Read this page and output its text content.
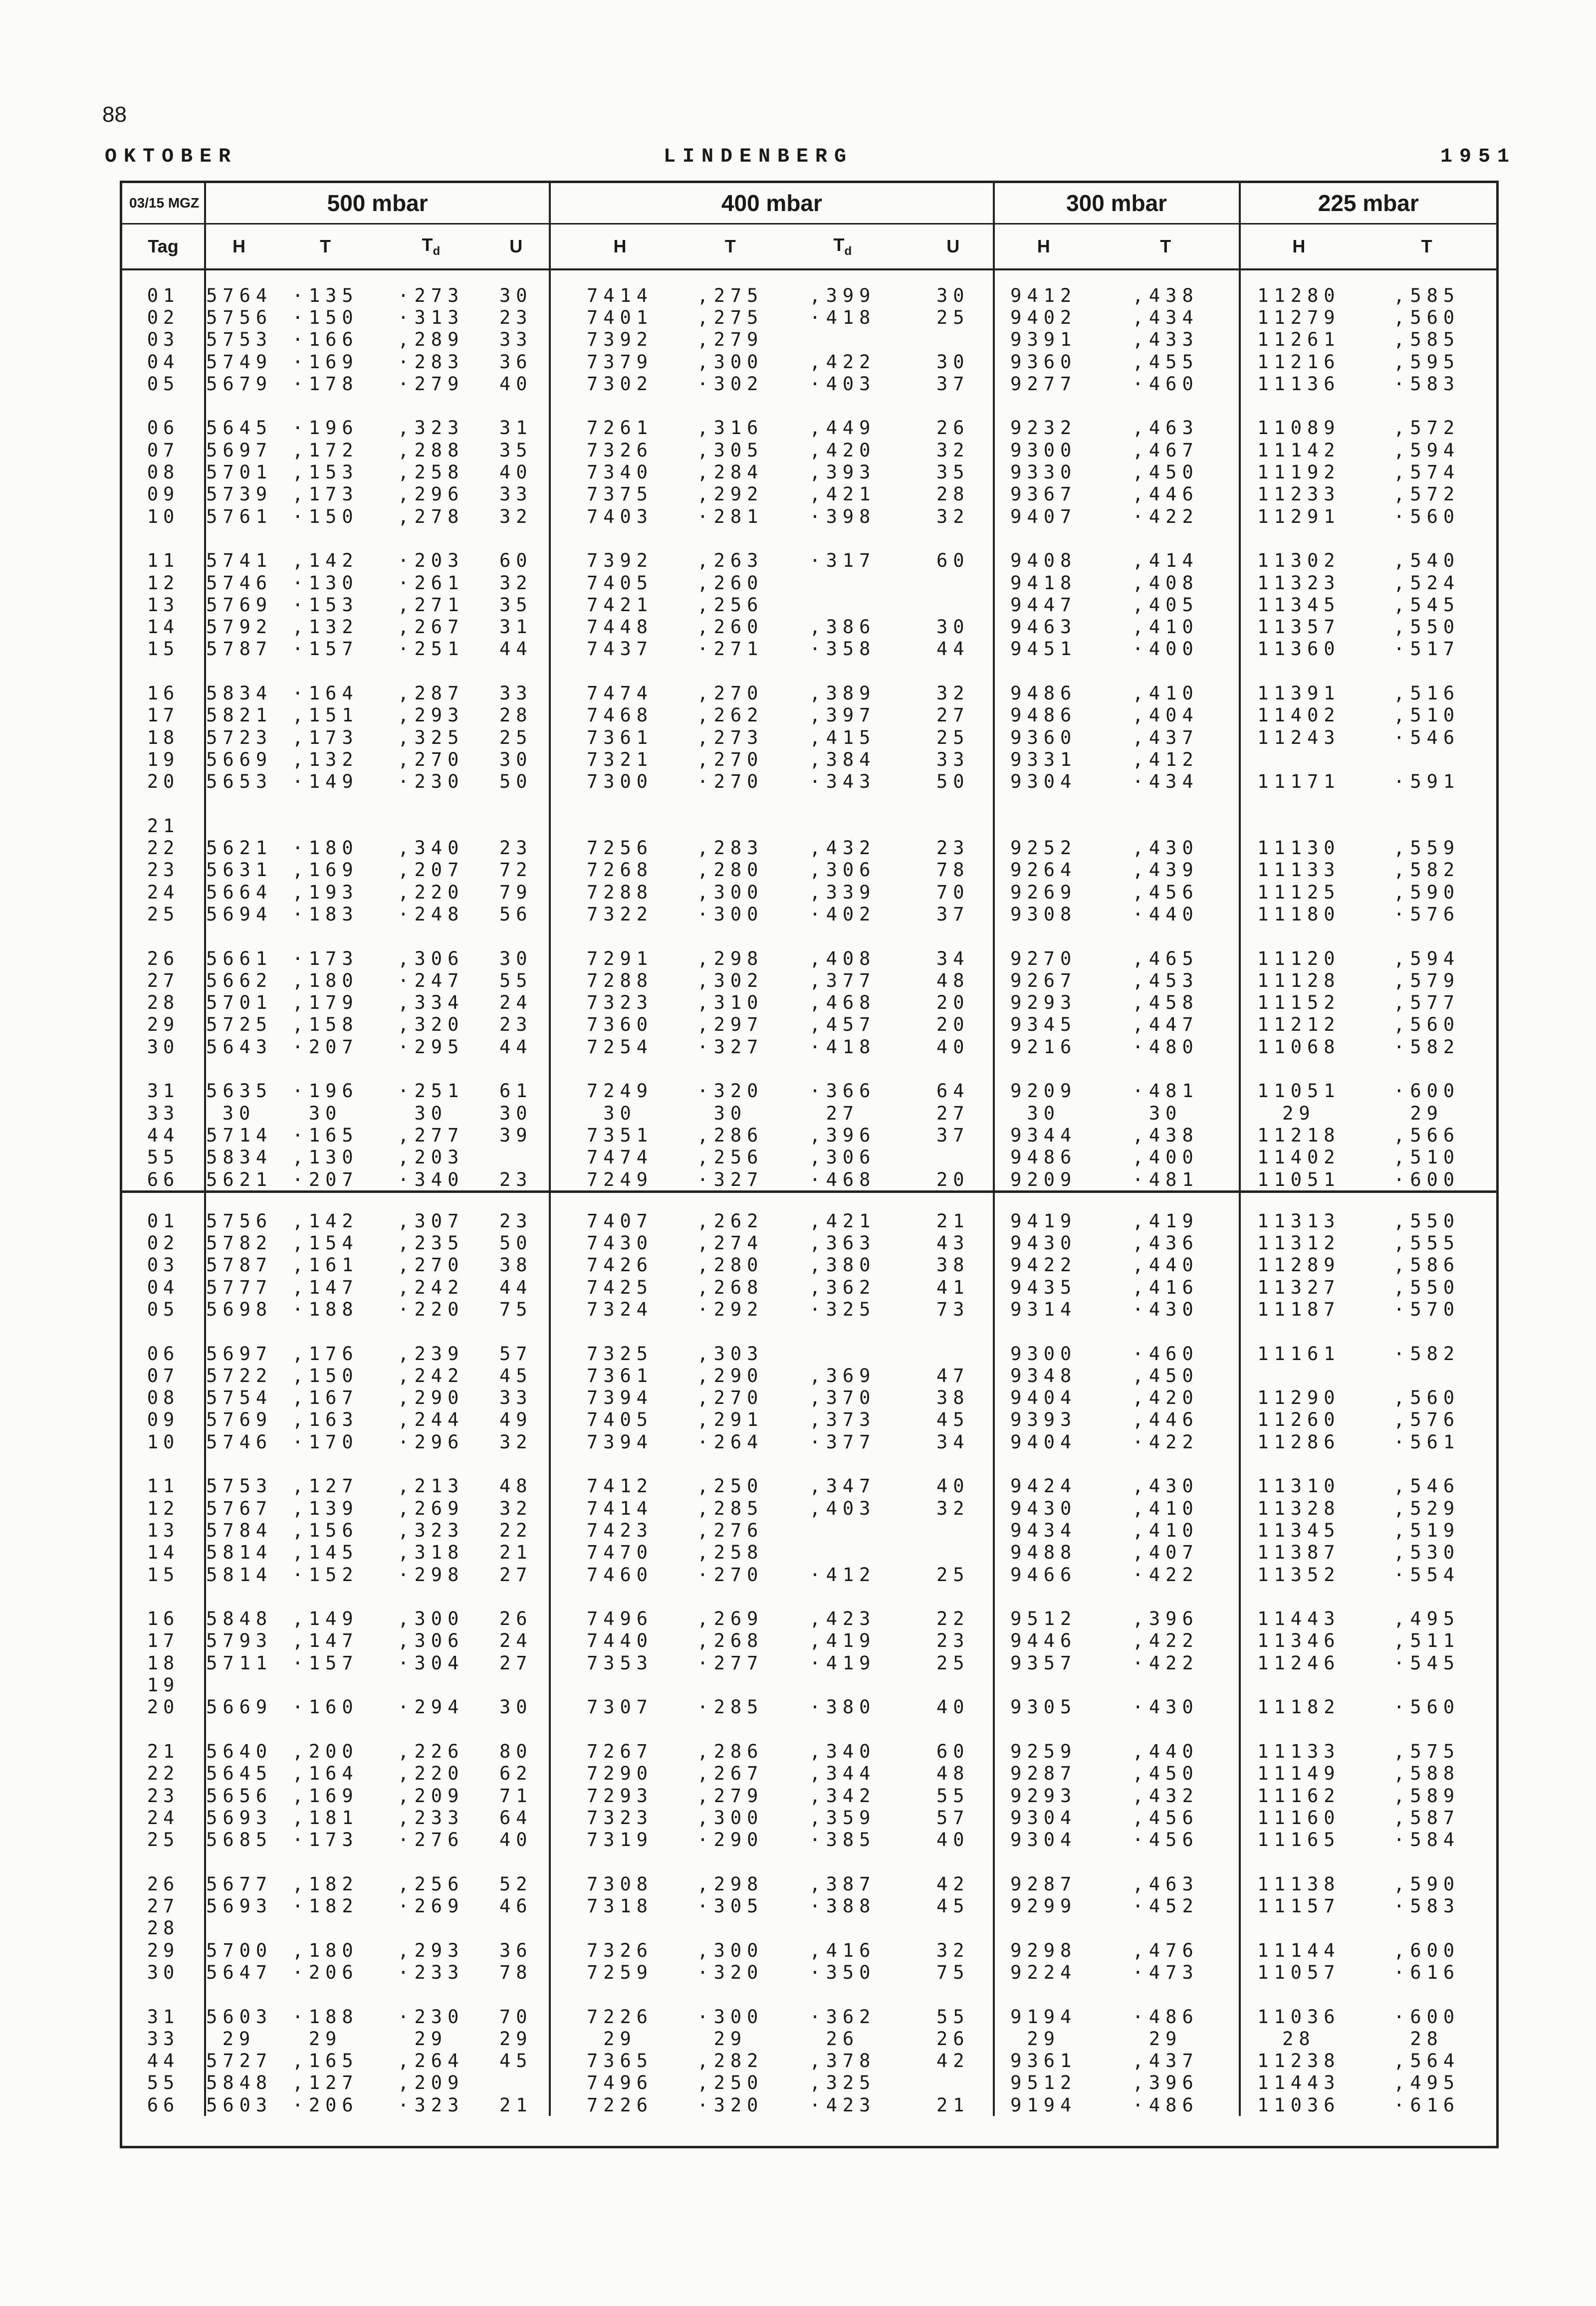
88
OKTOBER	LINDENBERG	1951
03/15 MGZ	500 mbar				400 mbar				300 mbar		225 mbar	
Tag	H	T	$T_d$	U	H	T	$T_d$	U	H	T	H	T

01	5764	·135	·273	30	7414	,275	,399	30	9412	,438	11280	,585
02	5756	·150	·313	23	7401	,275	·418	25	9402	,434	11279	,560
03	5753	·166	,289	33	7392	,279			9391	,433	11261	,585
04	5749	·169	·283	36	7379	,300	,422	30	9360	,455	11216	,595
05	5679	·178	·279	40	7302	·302	·403	37	9277	·460	11136	·583

06	5645	·196	,323	31	7261	,316	,449	26	9232	,463	11089	,572
07	5697	,172	,288	35	7326	,305	,420	32	9300	,467	11142	,594
08	5701	,153	,258	40	7340	,284	,393	35	9330	,450	11192	,574
09	5739	,173	,296	33	7375	,292	,421	28	9367	,446	11233	,572
10	5761	·150	,278	32	7403	·281	·398	32	9407	·422	11291	·560

11	5741	,142	·203	60	7392	,263	·317	60	9408	,414	11302	,540
12	5746	·130	·261	32	7405	,260			9418	,408	11323	,524
13	5769	·153	,271	35	7421	,256			9447	,405	11345	,545
14	5792	,132	,267	31	7448	,260	,386	30	9463	,410	11357	,550
15	5787	·157	·251	44	7437	·271	·358	44	9451	·400	11360	·517

16	5834	·164	,287	33	7474	,270	,389	32	9486	,410	11391	,516
17	5821	,151	,293	28	7468	,262	,397	27	9486	,404	11402	,510
18	5723	,173	,325	25	7361	,273	,415	25	9360	,437	11243	·546
19	5669	,132	,270	30	7321	,270	,384	33	9331	,412		
20	5653	·149	·230	50	7300	·270	·343	50	9304	·434	11171	·591

21												
22	5621	·180	,340	23	7256	,283	,432	23	9252	,430	11130	,559
23	5631	,169	,207	72	7268	,280	,306	78	9264	,439	11133	,582
24	5664	,193	,220	79	7288	,300	,339	70	9269	,456	11125	,590
25	5694	·183	·248	56	7322	·300	·402	37	9308	·440	11180	·576

26	5661	·173	,306	30	7291	,298	,408	34	9270	,465	11120	,594
27	5662	,180	·247	55	7288	,302	,377	48	9267	,453	11128	,579
28	5701	,179	,334	24	7323	,310	,468	20	9293	,458	11152	,577
29	5725	,158	,320	23	7360	,297	,457	20	9345	,447	11212	,560
30	5643	·207	·295	44	7254	·327	·418	40	9216	·480	11068	·582

31	5635	·196	·251	61	7249	·320	·366	64	9209	·481	11051	·600
33	30	30	30	30	30	30	27	27	30	30	29	29
44	5714	·165	,277	39	7351	,286	,396	37	9344	,438	11218	,566
55	5834	,130	,203		7474	,256	,306		9486	,400	11402	,510
66	5621	·207	·340	23	7249	·327	·468	20	9209	·481	11051	·600

01	5756	,142	,307	23	7407	,262	,421	21	9419	,419	11313	,550
02	5782	,154	,235	50	7430	,274	,363	43	9430	,436	11312	,555
03	5787	,161	,270	38	7426	,280	,380	38	9422	,440	11289	,586
04	5777	,147	,242	44	7425	,268	,362	41	9435	,416	11327	,550
05	5698	·188	·220	75	7324	·292	·325	73	9314	·430	11187	·570

06	5697	,176	,239	57	7325	,303			9300	·460	11161	·582
07	5722	,150	,242	45	7361	,290	,369	47	9348	,450		
08	5754	,167	,290	33	7394	,270	,370	38	9404	,420	11290	,560
09	5769	,163	,244	49	7405	,291	,373	45	9393	,446	11260	,576
10	5746	·170	·296	32	7394	·264	·377	34	9404	·422	11286	·561

11	5753	,127	,213	48	7412	,250	,347	40	9424	,430	11310	,546
12	5767	,139	,269	32	7414	,285	,403	32	9430	,410	11328	,529
13	5784	,156	,323	22	7423	,276			9434	,410	11345	,519
14	5814	,145	,318	21	7470	,258			9488	,407	11387	,530
15	5814	·152	·298	27	7460	·270	·412	25	9466	·422	11352	·554

16	5848	,149	,300	26	7496	,269	,423	22	9512	,396	11443	,495
17	5793	,147	,306	24	7440	,268	,419	23	9446	,422	11346	,511
18	5711	·157	·304	27	7353	·277	·419	25	9357	·422	11246	·545
19												
20	5669	·160	·294	30	7307	·285	·380	40	9305	·430	11182	·560

21	5640	,200	,226	80	7267	,286	,340	60	9259	,440	11133	,575
22	5645	,164	,220	62	7290	,267	,344	48	9287	,450	11149	,588
23	5656	,169	,209	71	7293	,279	,342	55	9293	,432	11162	,589
24	5693	,181	,233	64	7323	,300	,359	57	9304	,456	11160	,587
25	5685	·173	·276	40	7319	·290	·385	40	9304	·456	11165	·584

26	5677	,182	,256	52	7308	,298	,387	42	9287	,463	11138	,590
27	5693	·182	·269	46	7318	·305	·388	45	9299	·452	11157	·583
28												
29	5700	,180	,293	36	7326	,300	,416	32	9298	,476	11144	,600
30	5647	·206	·233	78	7259	·320	·350	75	9224	·473	11057	·616

31	5603	·188	·230	70	7226	·300	·362	55	9194	·486	11036	·600
33	29	29	29	29	29	29	26	26	29	29	28	28
44	5727	,165	,264	45	7365	,282	,378	42	9361	,437	11238	,564
55	5848	,127	,209		7496	,250	,325		9512	,396	11443	,495
66	5603	·206	·323	21	7226	·320	·423	21	9194	·486	11036	·616
